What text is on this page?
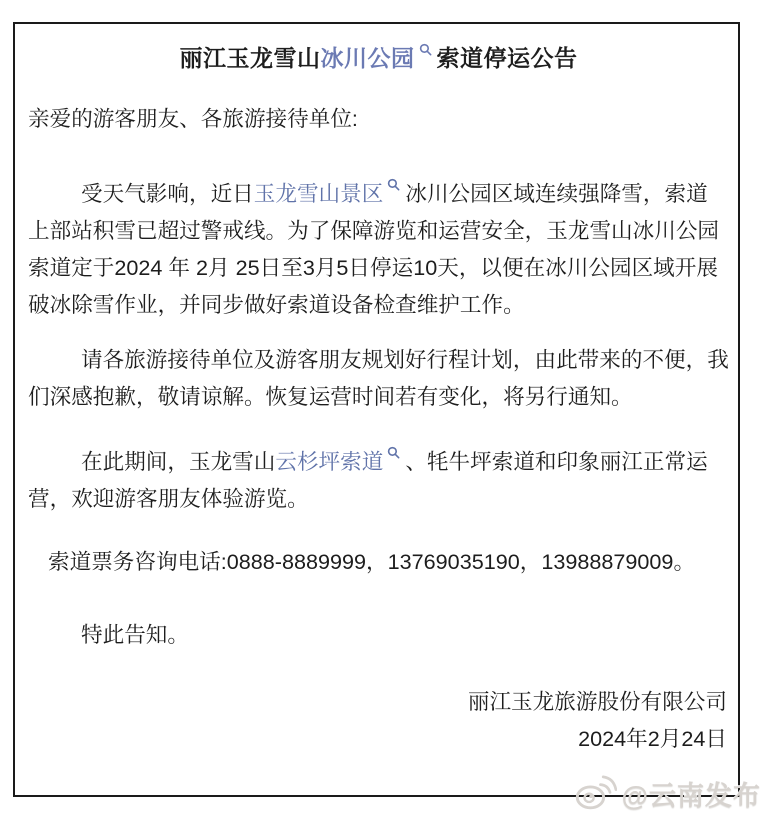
丽江玉龙雪山冰川公园 索道停运公告

亲爱的游客朋友、各旅游接待单位:

受天气影响，近日玉龙雪山景区 冰川公园区域连续强降雪，索道上部站积雪已超过警戒线。为了保障游览和运营安全，玉龙雪山冰川公园索道定于2024 年 2月 25日至3月5日停运10天，以便在冰川公园区域开展破冰除雪作业，并同步做好索道设备检查维护工作。

请各旅游接待单位及游客朋友规划好行程计划，由此带来的不便，我们深感抱歉，敬请谅解。恢复运营时间若有变化，将另行通知。

在此期间，玉龙雪山云杉坪索道 、牦牛坪索道和印象丽江正常运营，欢迎游客朋友体验游览。

索道票务咨询电话:0888-8889999，13769035190，13988879009。

特此告知。

丽江玉龙旅游股份有限公司

2024年2月24日

@云南发布
